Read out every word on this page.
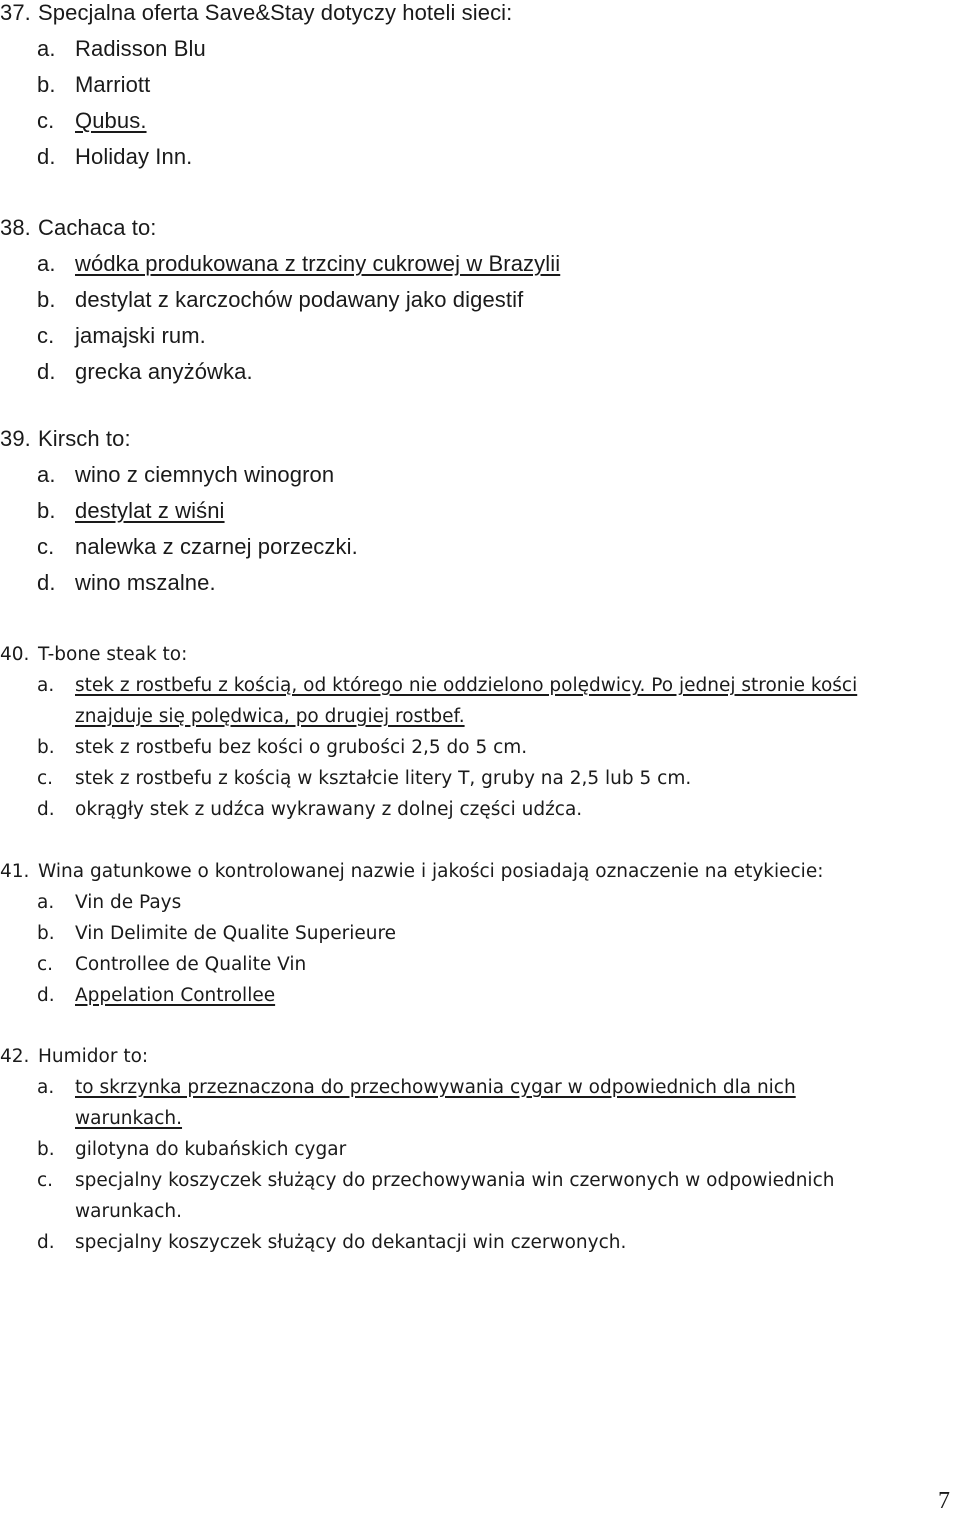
37. Specjalna oferta Save&Stay dotyczy hoteli sieci:
a. Radisson Blu
b. Marriott
c. Qubus.
d. Holiday Inn.
38. Cachaca to:
a. wódka produkowana z trzciny cukrowej w Brazylii
b. destylat z karczochów podawany jako digestif
c. jamajski rum.
d. grecka anyżówka.
39. Kirsch to:
a. wino z ciemnych winogron
b. destylat z wiśni
c. nalewka z czarnej porzeczki.
d. wino mszalne.
40. T-bone steak to:
a. stek z rostbefu z kością, od którego nie oddzielono polędwicy. Po jednej stronie kości
znajduje się polędwica, po drugiej rostbef.
b. stek z rostbefu bez kości o grubości 2,5 do 5 cm.
c. stek z rostbefu z kością w kształcie litery T, gruby na 2,5 lub 5 cm.
d. okrągły stek z udźca wykrawany z dolnej części udźca.
41. Wina gatunkowe o kontrolowanej nazwie i jakości posiadają oznaczenie na etykiecie:
a. Vin de Pays
b. Vin Delimite de Qualite Superieure
c. Controllee de Qualite Vin
d. Appelation Controllee
42. Humidor to:
a. to skrzynka przeznaczona do przechowywania cygar w odpowiednich dla nich
warunkach.
b. gilotyna do kubańskich cygar
c. specjalny koszyczek służący do przechowywania win czerwonych w odpowiednich
warunkach.
d. specjalny koszyczek służący do dekantacji win czerwonych.
7
